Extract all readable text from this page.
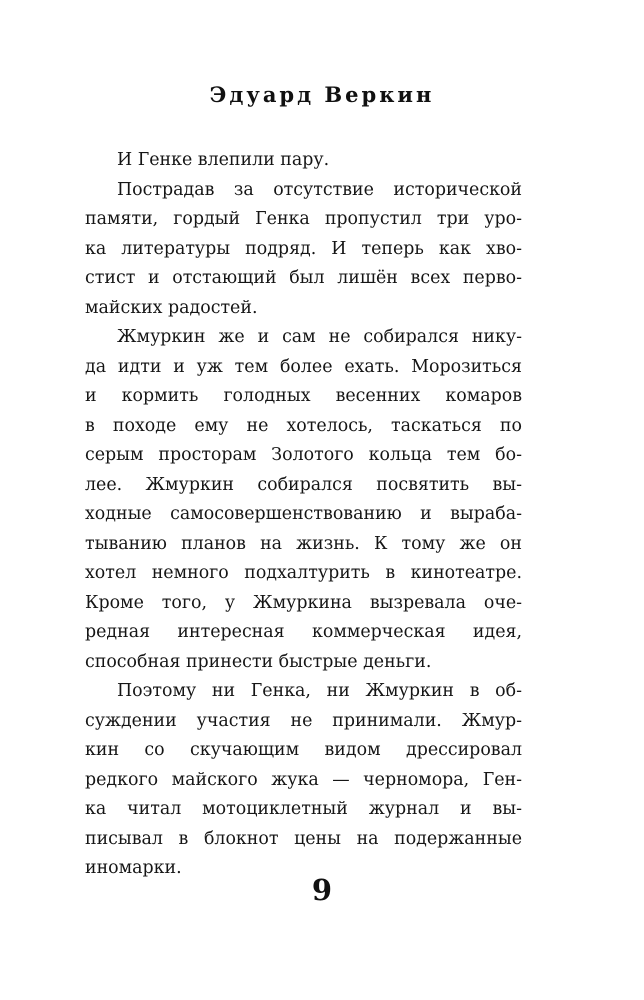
Эдуард Веркин
И Генке влепили пару.
Пострадав за отсутствие исторической
памяти, гордый Генка пропустил три уро-
ка литературы подряд. И теперь как хво-
стист и отстающий был лишён всех перво-
майских радостей.
Жмуркин же и сам не собирался нику-
да идти и уж тем более ехать. Морозиться
и кормить голодных весенних комаров
в походе ему не хотелось, таскаться по
серым просторам Золотого кольца тем бо-
лее. Жмуркин собирался посвятить вы-
ходные самосовершенствованию и выраба-
тыванию планов на жизнь. К тому же он
хотел немного подхалтурить в кинотеатре.
Кроме того, у Жмуркина вызревала оче-
редная интересная коммерческая идея,
способная принести быстрые деньги.
Поэтому ни Генка, ни Жмуркин в об-
суждении участия не принимали. Жмур-
кин со скучающим видом дрессировал
редкого майского жука — черномора, Ген-
ка читал мотоциклетный журнал и вы-
писывал в блокнот цены на подержанные
иномарки.
9
